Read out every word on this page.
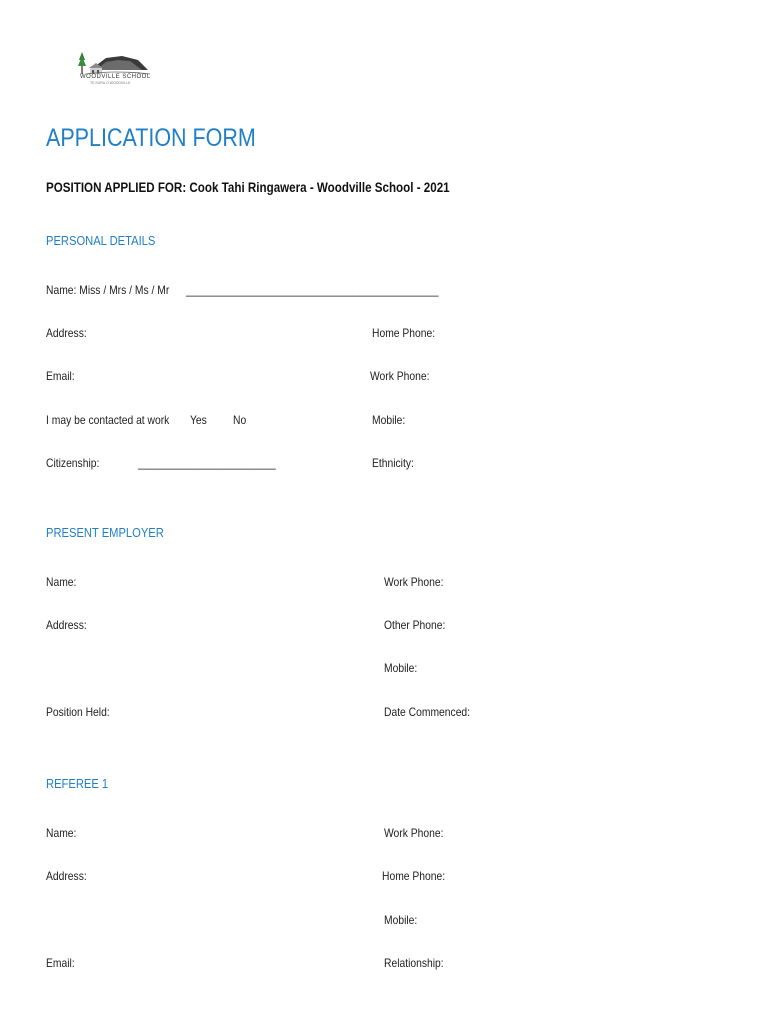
WOODVILLE SCHOOL
TE KURA O WOODVILLE
APPLICATION FORM
POSITION APPLIED FOR: Cook Tahi Ringawera - Woodville School - 2021
PERSONAL DETAILS
Name: Miss / Mrs / Ms / Mr ____________________________________________
Address:	Home Phone:
Email:	Work Phone:
I may be contacted at work Yes No	Mobile:
Citizenship:	________________________	Ethnicity:
PRESENT EMPLOYER
Name:	Work Phone:
Address:	Other Phone:
Mobile:
Position Held:	Date Commenced:
REFEREE 1
Name:	Work Phone:
Address:	Home Phone:
Mobile:
Email:	Relationship:
